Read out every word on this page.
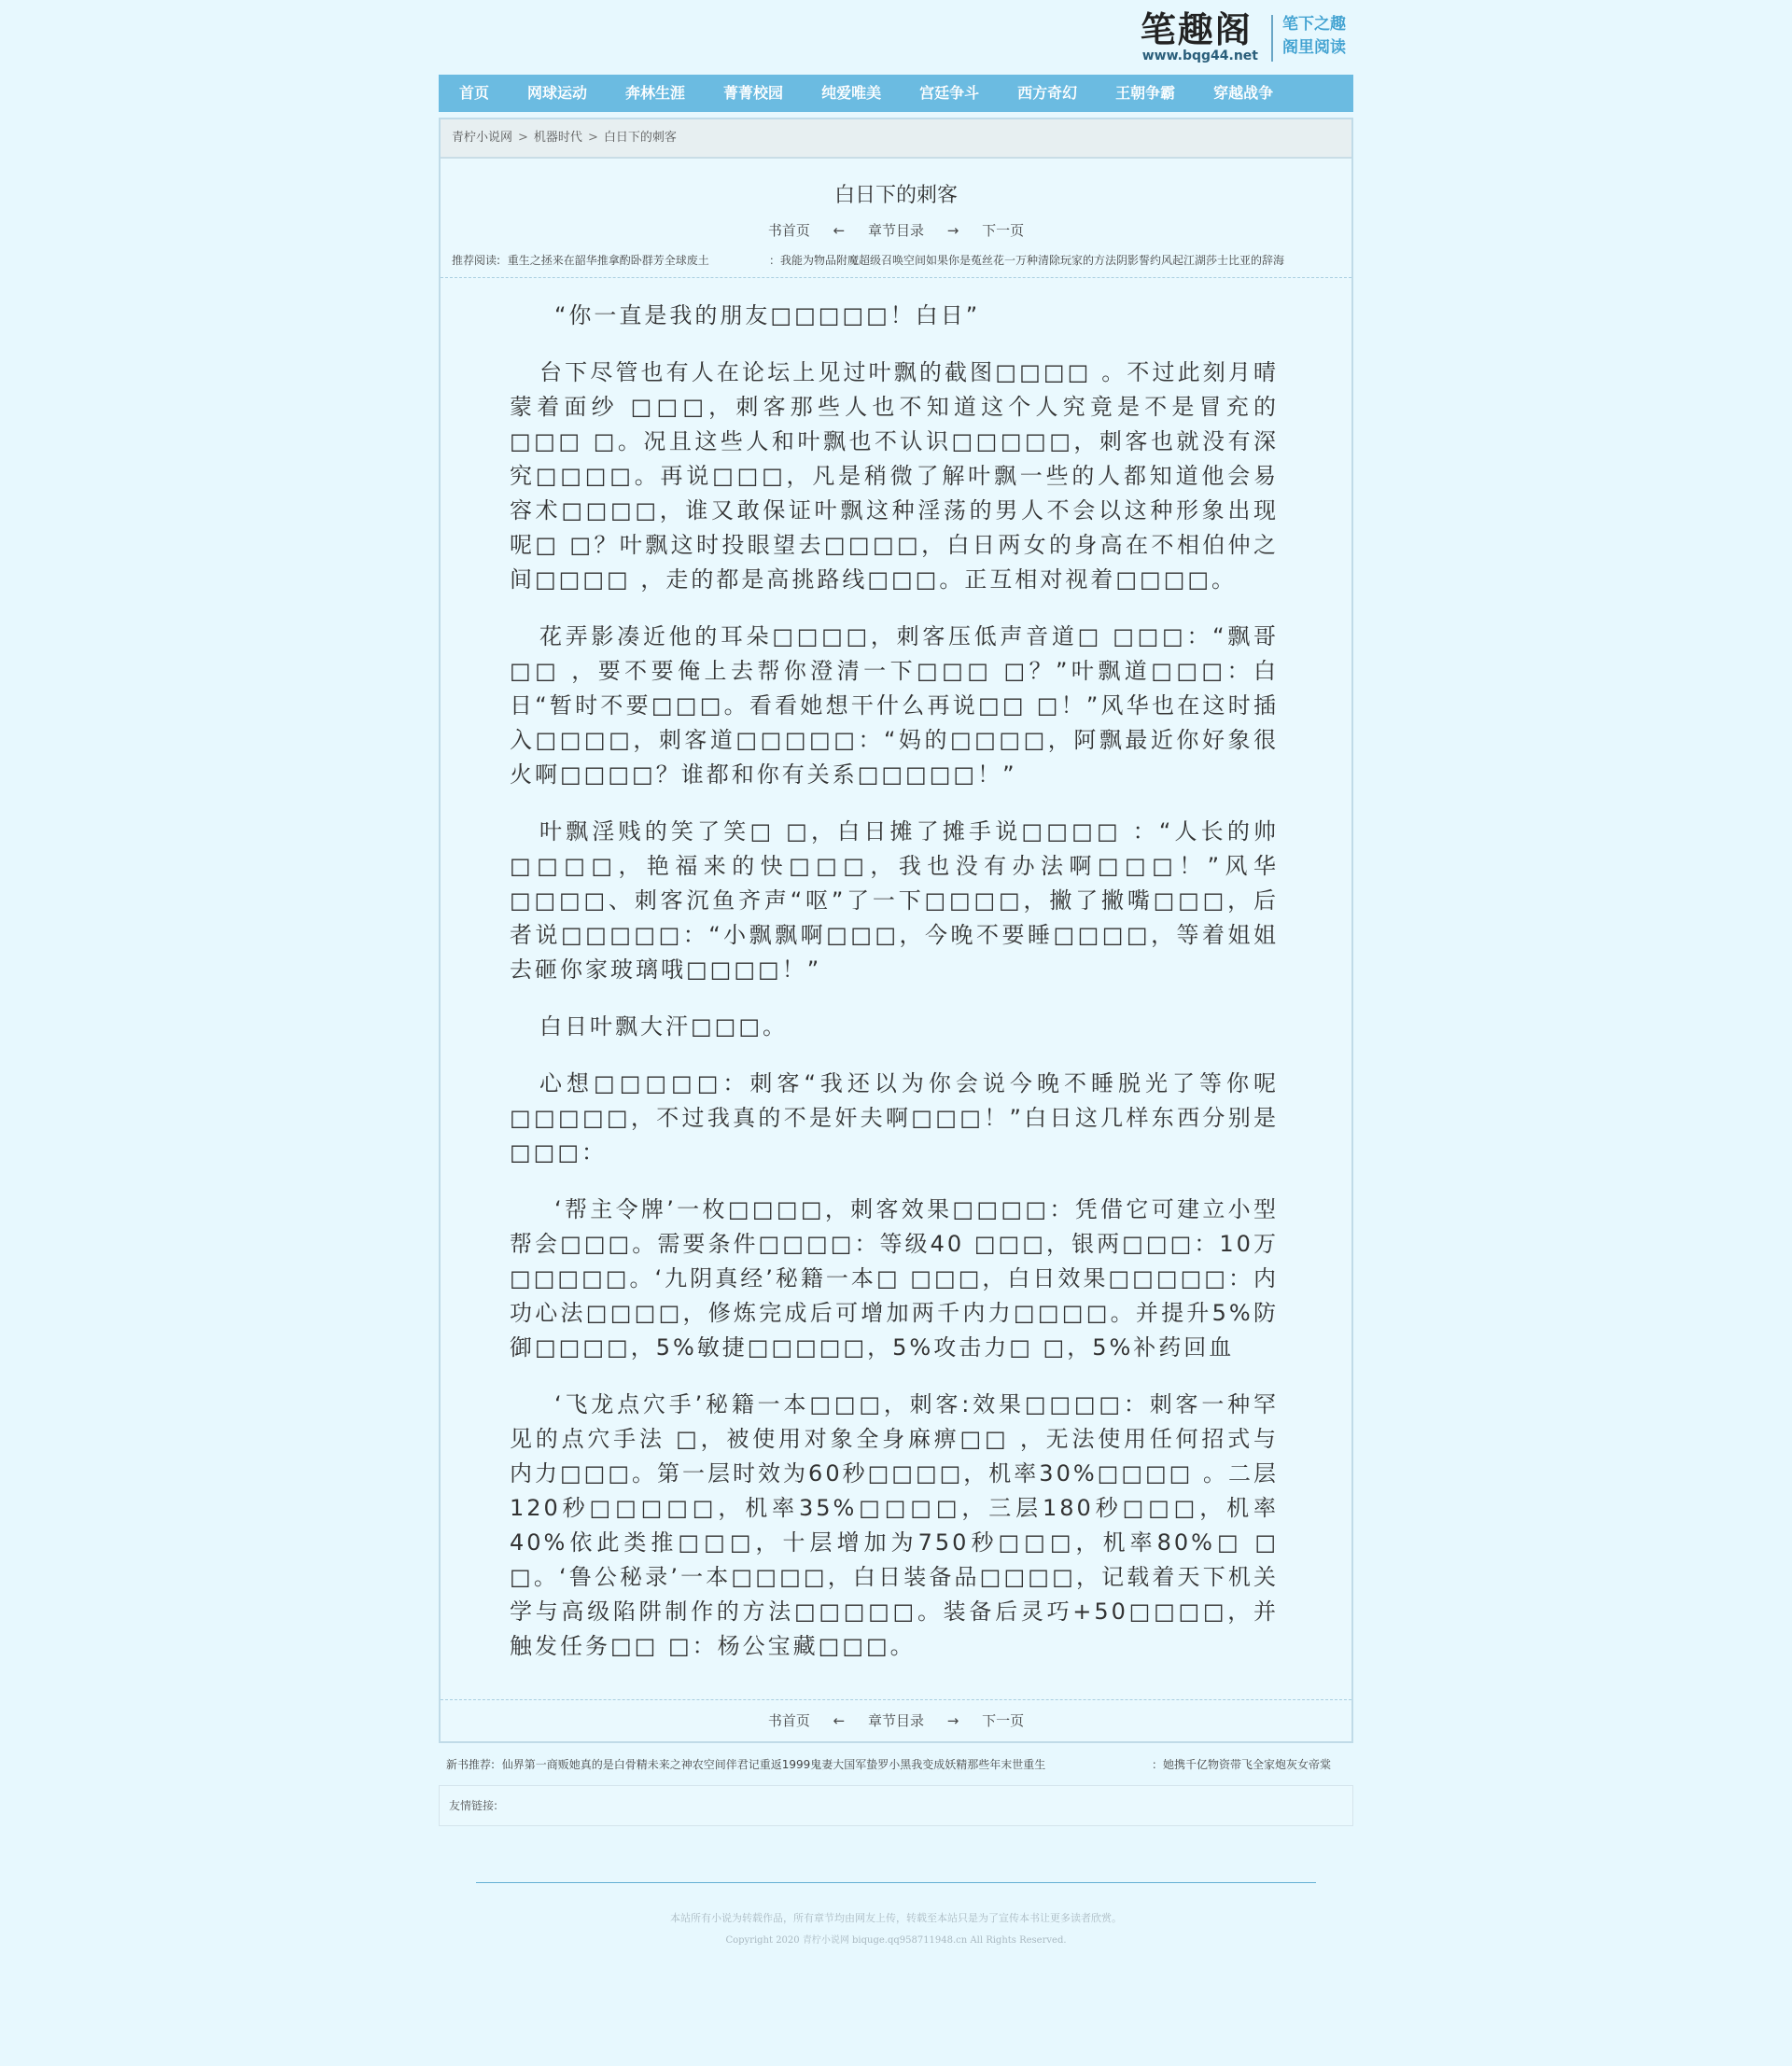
笔趣阁
www.bqg44.net
笔下之趣
阁里阅读
首页	网球运动	奔林生涯	菁菁校园	纯爱唯美	宫廷争斗	西方奇幻	王朝争霸	穿越战争
青柠小说网 > 机器时代 > 白日下的刺客
白日下的刺客
书首页 ← 章节目录 → 下一页
推荐阅读: 重生之拯来在韶华推拿酌卧群芳全球废土	：我能为物品附魔超级召唤空间如果你是菟丝花一万种清除玩家的方法阴影誓约风起江湖莎士比亚的辞海

“你一直是我的朋友□□□□□！白日”

台下尽管也有人在论坛上见过叶飘的截图□□□□ 。不过此刻月晴蒙着面纱 □□□，刺客那些人也不知道这个人究竟是不是冒充的□□□ □。况且这些人和叶飘也不认识□□□□□，刺客也就没有深究□□□□。再说□□□，凡是稍微了解叶飘一些的人都知道他会易容术□□□□，谁又敢保证叶飘这种淫荡的男人不会以这种形象出现呢□ □？叶飘这时投眼望去□□□□，白日两女的身高在不相伯仲之间□□□□ ，走的都是高挑路线□□□。正互相对视着□□□□。

花弄影凑近他的耳朵□□□□，刺客压低声音道□ □□□：“飘哥□□ ，要不要俺上去帮你澄清一下□□□ □？”叶飘道□□□：白日“暂时不要□□□。看看她想干什么再说□□ □！”风华也在这时插入□□□□，刺客道□□□□□：“妈的□□□□，阿飘最近你好象很火啊□□□□？谁都和你有关系□□□□□！”

叶飘淫贱的笑了笑□ □，白日摊了摊手说□□□□ ：“人长的帅□□□□，艳福来的快□□□，我也没有办法啊□□□！”风华□□□□、刺客沉鱼齐声“呕”了一下□□□□，撇了撇嘴□□□，后者说□□□□□：“小飘飘啊□□□，今晚不要睡□□□□，等着姐姐去砸你家玻璃哦□□□□！”

白日叶飘大汗□□□。

心想□□□□□：刺客“我还以为你会说今晚不睡脱光了等你呢□□□□□，不过我真的不是奸夫啊□□□！”白日这几样东西分别是 □□□：

‘帮主令牌’一枚□□□□，刺客效果□□□□：凭借它可建立小型帮会□□□。需要条件□□□□：等级40 □□□，银两□□□：10万□□□□□。‘九阴真经’秘籍一本□ □□□，白日效果□□□□□：内功心法□□□□，修炼完成后可增加两千内力□□□□。并提升5%防御□□□□，5%敏捷□□□□□，5%攻击力□ □，5%补药回血

‘飞龙点穴手’秘籍一本□□□，刺客:效果□□□□：刺客一种罕见的点穴手法 □，被使用对象全身麻痹□□ ，无法使用任何招式与内力□□□。第一层时效为60秒□□□□，机率30%□□□□ 。二层120秒□□□□□，机率35%□□□□，三层180秒□□□，机率40%依此类推□□□，十层增加为750秒□□□，机率80%□ □ □。‘鲁公秘录’一本□□□□，白日装备品□□□□，记载着天下机关学与高级陷阱制作的方法□□□□□。装备后灵巧+50□□□□，并触发任务□□ □：杨公宝藏□□□。

书首页 ← 章节目录 → 下一页
新书推荐: 仙界第一商贩她真的是白骨精未来之神农空间伴君记重返1999鬼妻大国军蛰罗小黑我变成妖精那些年末世重生	：她携千亿物资带飞全家炮灰女帝棠
友情链接:
本站所有小说为转载作品，所有章节均由网友上传，转载至本站只是为了宣传本书让更多读者欣赏。
Copyright 2020 青柠小说网 biquge.qq958711948.cn All Rights Reserved.
